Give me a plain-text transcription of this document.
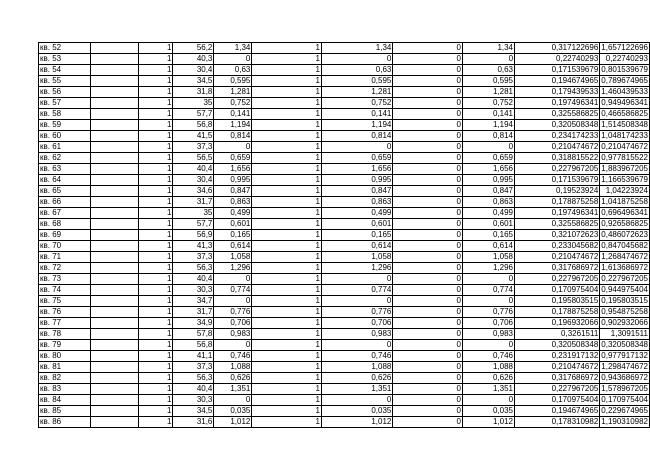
кв. 52		1	56,2	1,34	1	1,34	0	1,34	0,317122696	1,657122696
кв. 53		1	40,3	0	1	0	0	0	0,22740293	0,22740293
кв. 54		1	30,4	0,63	1	0,63	0	0,63	0,171539679	0,801539679
кв. 55		1	34,5	0,595	1	0,595	0	0,595	0,194674965	0,789674965
кв. 56		1	31,8	1,281	1	1,281	0	1,281	0,179439533	1,460439533
кв. 57		1	35	0,752	1	0,752	0	0,752	0,197496341	0,949496341
кв. 58		1	57,7	0,141	1	0,141	0	0,141	0,325586825	0,466586825
кв. 59		1	56,8	1,194	1	1,194	0	1,194	0,320508348	1,514508348
кв. 60		1	41,5	0,814	1	0,814	0	0,814	0,234174233	1,048174233
кв. 61		1	37,3	0	1	0	0	0	0,210474672	0,210474672
кв. 62		1	56,5	0,659	1	0,659	0	0,659	0,318815522	0,977815522
кв. 63		1	40,4	1,656	1	1,656	0	1,656	0,227967205	1,883967205
кв. 64		1	30,4	0,995	1	0,995	0	0,995	0,171539679	1,166539679
кв. 65		1	34,6	0,847	1	0,847	0	0,847	0,19523924	1,04223924
кв. 66		1	31,7	0,863	1	0,863	0	0,863	0,178875258	1,041875258
кв. 67		1	35	0,499	1	0,499	0	0,499	0,197496341	0,696496341
кв. 68		1	57,7	0,601	1	0,601	0	0,601	0,325586825	0,926586825
кв. 69		1	56,9	0,165	1	0,165	0	0,165	0,321072623	0,486072623
кв. 70		1	41,3	0,614	1	0,614	0	0,614	0,233045682	0,847045682
кв. 71		1	37,3	1,058	1	1,058	0	1,058	0,210474672	1,268474672
кв. 72		1	56,3	1,296	1	1,296	0	1,296	0,317686972	1,613686972
кв. 73		1	40,4	0	1	0	0	0	0,227967205	0,227967205
кв. 74		1	30,3	0,774	1	0,774	0	0,774	0,170975404	0,944975404
кв. 75		1	34,7	0	1	0	0	0	0,195803515	0,195803515
кв. 76		1	31,7	0,776	1	0,776	0	0,776	0,178875258	0,954875258
кв. 77		1	34,9	0,706	1	0,706	0	0,706	0,196932066	0,902932066
кв. 78		1	57,8	0,983	1	0,983	0	0,983	0,3261511	1,3091511
кв. 79		1	56,8	0	1	0	0	0	0,320508348	0,320508348
кв. 80		1	41,1	0,746	1	0,746	0	0,746	0,231917132	0,977917132
кв. 81		1	37,3	1,088	1	1,088	0	1,088	0,210474672	1,298474672
кв. 82		1	56,3	0,626	1	0,626	0	0,626	0,317686972	0,943686972
кв. 83		1	40,4	1,351	1	1,351	0	1,351	0,227967205	1,578967205
кв. 84		1	30,3	0	1	0	0	0	0,170975404	0,170975404
кв. 85		1	34,5	0,035	1	0,035	0	0,035	0,194674965	0,229674965
кв. 86		1	31,6	1,012	1	1,012	0	1,012	0,178310982	1,190310982
